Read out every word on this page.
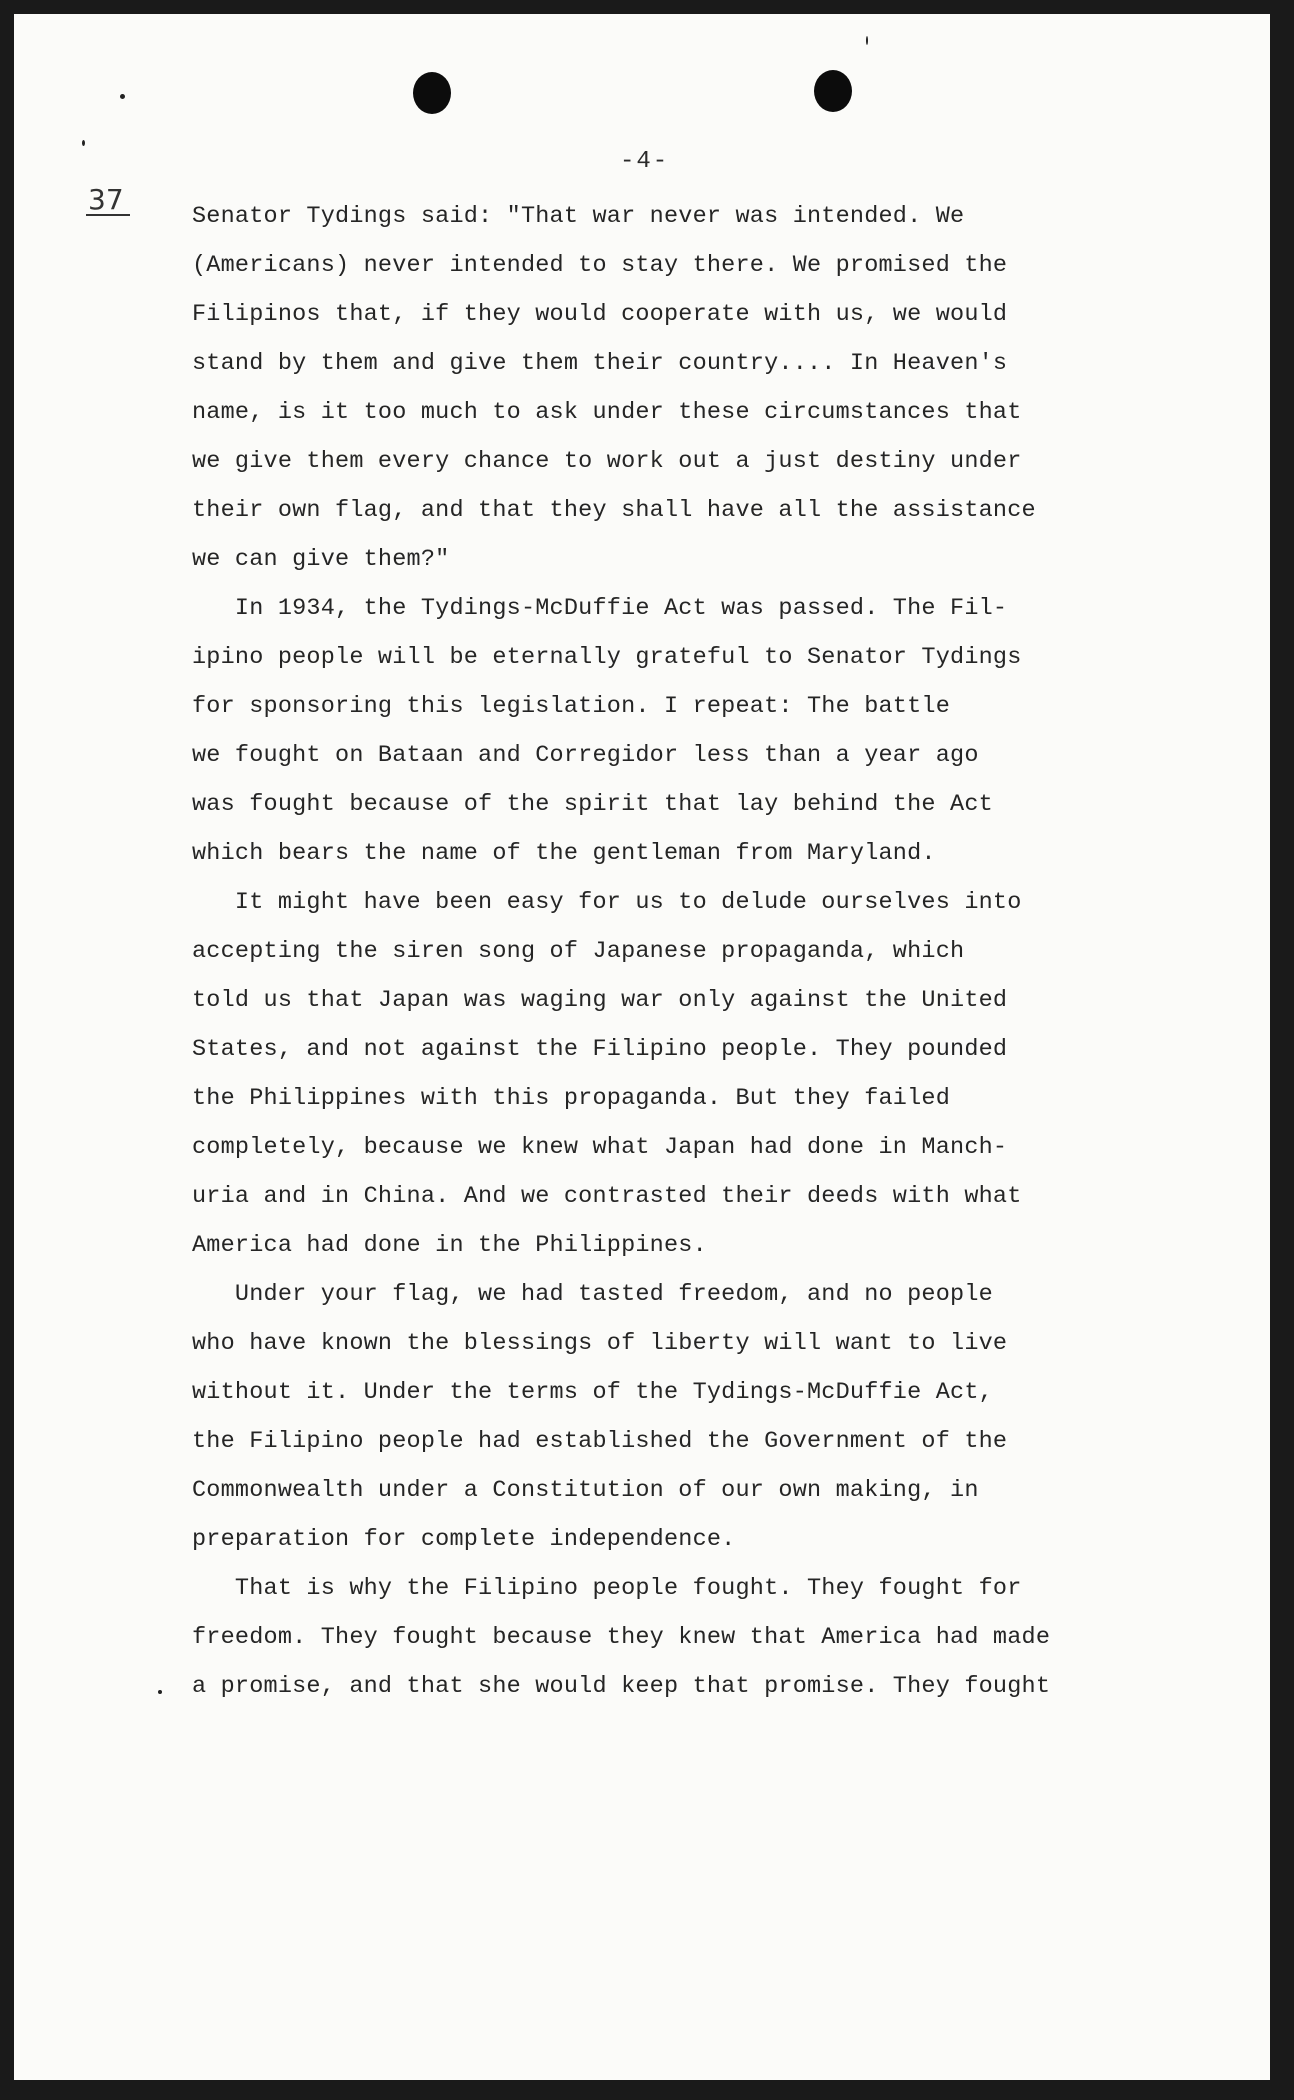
-4-
37
Senator Tydings said: "That war never was intended. We
(Americans) never intended to stay there. We promised the
Filipinos that, if they would cooperate with us, we would
stand by them and give them their country.... In Heaven's
name, is it too much to ask under these circumstances that
we give them every chance to work out a just destiny under
their own flag, and that they shall have all the assistance
we can give them?"
In 1934, the Tydings-McDuffie Act was passed. The Fil-
ipino people will be eternally grateful to Senator Tydings
for sponsoring this legislation. I repeat: The battle
we fought on Bataan and Corregidor less than a year ago
was fought because of the spirit that lay behind the Act
which bears the name of the gentleman from Maryland.
It might have been easy for us to delude ourselves into
accepting the siren song of Japanese propaganda, which
told us that Japan was waging war only against the United
States, and not against the Filipino people. They pounded
the Philippines with this propaganda. But they failed
completely, because we knew what Japan had done in Manch-
uria and in China. And we contrasted their deeds with what
America had done in the Philippines.
Under your flag, we had tasted freedom, and no people
who have known the blessings of liberty will want to live
without it. Under the terms of the Tydings-McDuffie Act,
the Filipino people had established the Government of the
Commonwealth under a Constitution of our own making, in
preparation for complete independence.
That is why the Filipino people fought. They fought for
freedom. They fought because they knew that America had made
a promise, and that she would keep that promise. They fought
